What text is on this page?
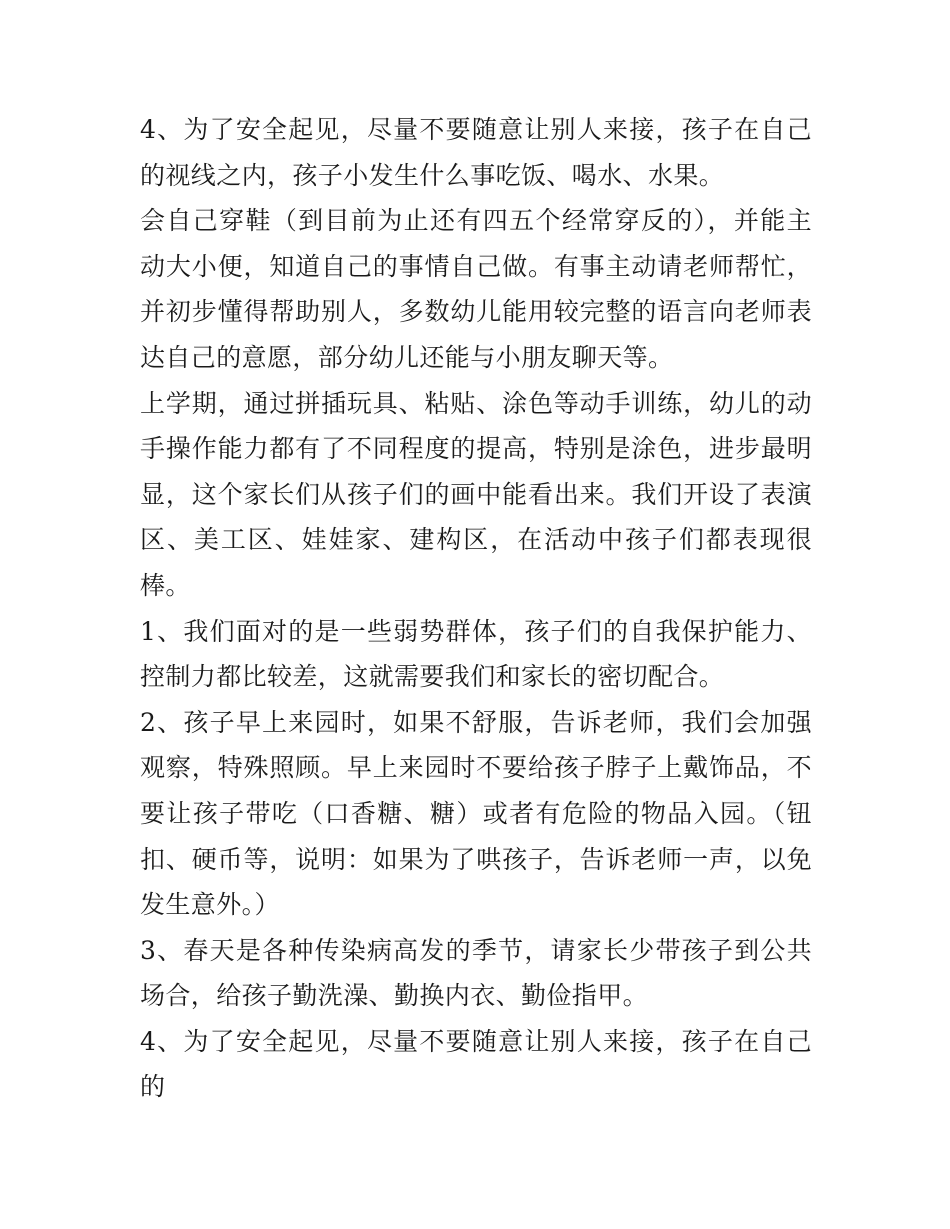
4、为了安全起见，尽量不要随意让别人来接，孩子在自己的视线之内，孩子小发生什么事吃饭、喝水、水果。

会自己穿鞋（到目前为止还有四五个经常穿反的），并能主动大小便，知道自己的事情自己做。有事主动请老师帮忙，并初步懂得帮助别人，多数幼儿能用较完整的语言向老师表达自己的意愿，部分幼儿还能与小朋友聊天等。

上学期，通过拼插玩具、粘贴、涂色等动手训练，幼儿的动手操作能力都有了不同程度的提高，特别是涂色，进步最明显，这个家长们从孩子们的画中能看出来。我们开设了表演区、美工区、娃娃家、建构区，在活动中孩子们都表现很棒。

1、我们面对的是一些弱势群体，孩子们的自我保护能力、控制力都比较差，这就需要我们和家长的密切配合。

2、孩子早上来园时，如果不舒服，告诉老师，我们会加强观察，特殊照顾。早上来园时不要给孩子脖子上戴饰品，不要让孩子带吃（口香糖、糖）或者有危险的物品入园。（钮扣、硬币等，说明：如果为了哄孩子，告诉老师一声，以免发生意外。）

3、春天是各种传染病高发的季节，请家长少带孩子到公共场合，给孩子勤洗澡、勤换内衣、勤俭指甲。

4、为了安全起见，尽量不要随意让别人来接，孩子在自己的
